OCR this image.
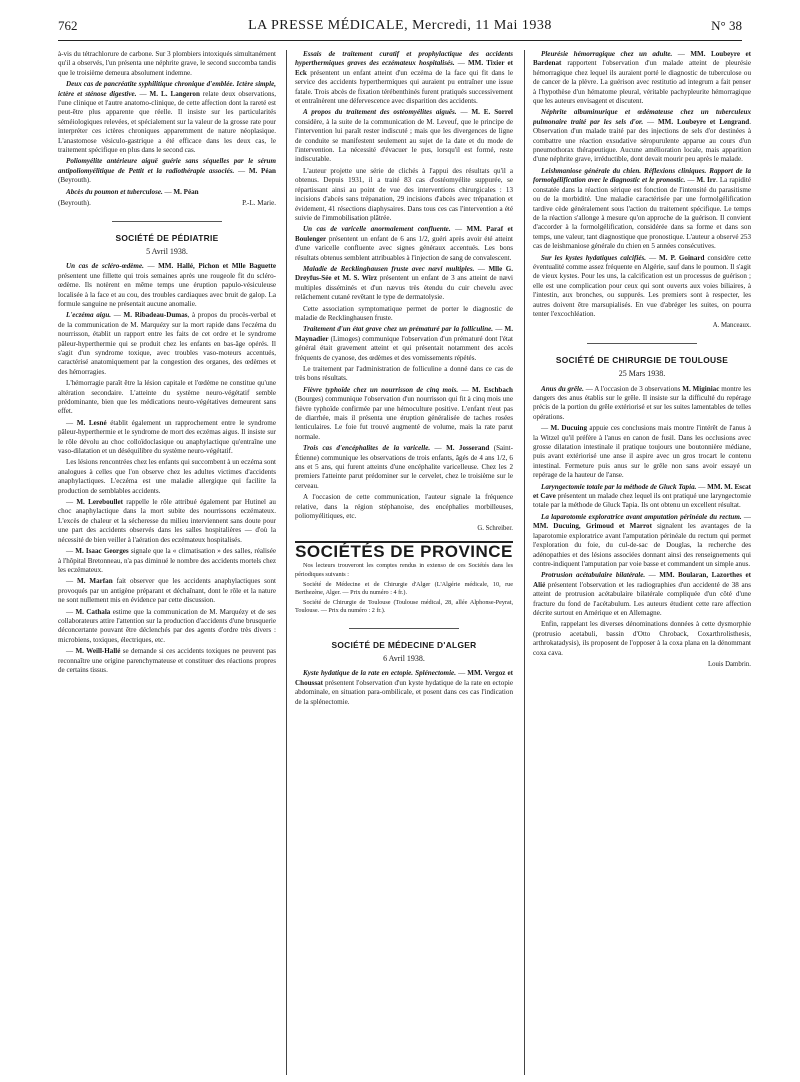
762	LA PRESSE MÉDICALE, Mercredi, 11 Mai 1938	N° 38

à-vis du tétrachlorure de carbone. Sur 3 plombiers intoxiqués simultanément qu'il a observés, l'un présenta une néphrite grave, le second succomba tandis que le troisième demeura absolument indemne.

Deux cas de pancréatite syphilitique chronique d'emblée. Ictère simple, ictère et sténose digestive. — M. L. Langeron relate deux observations, l'une clinique et l'autre anatomo-clinique, de cette affection dont la rareté est peut-être plus apparente que réelle. Il insiste sur les particularités séméiologiques relevées, et spécialement sur la valeur de la grosse rate pour interpréter ces ictères chroniques apparemment de nature néoplasique. L'anastomose vésiculo-gastrique a été efficace dans les deux cas, le traitement spécifique en plus dans le second cas.

Poliomyélite antérieure aiguë guérie sans séquelles par le sérum antipoliomyélitique de Pettit et la radiothérapie associés. — M. Péan (Beyrouth).

Abcès du poumon et tuberculose. — M. Péan

(Beyrouth).	P.-L. Marie.

SOCIÉTÉ DE PÉDIATRIE
5 Avril 1938.

Un cas de scléro-œdème. — MM. Hallé, Pichon et Mlle Baguette présentent une fillette qui trois semaines après une rougeole fit du scléro-œdème. Ils notèrent en même temps une éruption papulo-vésiculeuse localisée à la face et au cou, des troubles cardiaques avec bruit de galop. La formule sanguine ne présentait aucune anomalie.

L'eczéma aigu. — M. Ribadeau-Dumas, à propos du procès-verbal et de la communication de M. Marquézy sur la mort rapide dans l'eczéma du nourrisson, établit un rapport entre les faits de cet ordre et le syndrome pâleur-hyperthermie qui se produit chez les enfants en bas-âge opérés. Il s'agit d'un syndrome toxique, avec troubles vaso-moteurs accentués, caractérisé anatomiquement par la congestion des organes, des œdèmes et des hémorragies.

L'hémorragie paraît être la lésion capitale et l'œdème ne constitue qu'une altération secondaire. L'atteinte du système neuro-végétatif semble prédominante, bien que les médications neuro-végétatives demeurent sans effet.

— M. Lesné établit également un rapprochement entre le syndrome pâleur-hyperthermie et le syndrome de mort des eczémas aigus. Il insiste sur le rôle dévolu au choc colloïdoclasique ou anaphylactique qu'entraîne une vaso-dilatation et un déséquilibre du système neuro-végétatif.

Les lésions rencontrées chez les enfants qui succombent à un eczéma sont analogues à celles que l'on observe chez les adultes victimes d'accidents anaphylactiques. L'eczéma est une maladie allergique qui facilite la production de semblables accidents.

— M. Lereboullet rappelle le rôle attribué également par Hutinel au choc anaphylactique dans la mort subite des nourrissons eczémateux. L'excès de chaleur et la sécheresse du milieu interviennent sans doute pour une part des accidents observés dans les salles hospitalières — d'où la nécessité de bien veiller à l'aération des eczémateux hospitalisés.

— M. Isaac Georges signale que la « climatisation » des salles, réalisée à l'hôpital Bretonneau, n'a pas diminué le nombre des accidents mortels chez les eczémateux.

— M. Marfan fait observer que les accidents anaphylactiques sont provoqués par un antigène préparant et déchaînant, dont le rôle et la nature ne sont nullement mis en évidence par cette discussion.

— M. Cathala estime que la communication de M. Marquézy et de ses collaborateurs attire l'attention sur la production d'accidents d'une brusquerie déconcertante pouvant être déclenchés par des agents d'ordre très divers : microbiens, toxiques, électriques, etc.

— M. Weill-Hallé se demande si ces accidents toxiques ne peuvent pas reconnaître une origine parenchymateuse et constituer des réactions propres de certains tissus.

Essais de traitement curatif et prophylactique des accidents hyperthermiques graves des eczémateux hospitalisés. — MM. Tixier et Eck présentent un enfant atteint d'un eczéma de la face qui fit dans le service des accidents hyperthermiques qui auraient pu entraîner une issue fatale. Trois abcès de fixation térébenthinés furent pratiqués successivement et entraînèrent une défervescence avec disparition des accidents.

A propos du traitement des ostéomyélites aiguës. — M. E. Sorrel considère, à la suite de la communication de M. Leveuf, que le principe de l'intervention lui paraît rester indiscuté ; mais que les divergences de ligne de conduite se manifestent seulement au sujet de la date et du mode de l'intervention. La nécessité d'évacuer le pus, lorsqu'il est formé, reste indiscutable.

L'auteur projette une série de clichés à l'appui des résultats qu'il a obtenus. Depuis 1931, il a traité 83 cas d'ostéomyélite suppurée, se répartissant ainsi au point de vue des interventions chirurgicales : 13 incisions d'abcès sans trépanation, 29 incisions d'abcès avec trépanation et évidement, 41 résections diaphysaires. Dans tous ces cas l'intervention a été suivie de l'immobilisation plâtrée.

Un cas de varicelle anormalement confluente. — MM. Paraf et Boulenger présentent un enfant de 6 ans 1/2, guéri après avoir été atteint d'une varicelle confluente avec signes généraux accentués. Les bons résultats obtenus semblent attribuables à l'injection de sang de convalescent.

Maladie de Recklinghausen fruste avec nævi multiples. — Mlle G. Dreyfus-Sée et M. S. Wirz présentent un enfant de 3 ans atteint de nævi multiples disséminés et d'un nævus très étendu du cuir chevelu avec relâchement cutané revêtant le type de dermatolysie.

Cette association symptomatique permet de porter le diagnostic de maladie de Recklinghausen fruste.

Traitement d'un état grave chez un prématuré par la folliculine. — M. Maynadier (Limoges) communique l'observation d'un prématuré dont l'état général était gravement atteint et qui présentait notamment des accès fréquents de cyanose, des œdèmes et des vomissements répétés.

Le traitement par l'administration de folliculine a donné dans ce cas de très bons résultats.

Fièvre typhoïde chez un nourrisson de cinq mois. — M. Eschbach (Bourges) communique l'observation d'un nourrisson qui fit à cinq mois une fièvre typhoïde confirmée par une hémoculture positive. L'enfant n'eut pas de diarrhée, mais il présenta une éruption généralisée de taches rosées lenticulaires. Le foie fut trouvé augmenté de volume, mais la rate parut normale.

Trois cas d'encéphalites de la varicelle. — M. Josserand (Saint-Étienne) communique les observations de trois enfants, âgés de 4 ans 1/2, 6 ans et 5 ans, qui furent atteints d'une encéphalite varicelleuse. Chez les 2 premiers l'atteinte parut prédominer sur le cervelet, chez le troisième sur le cerveau.

A l'occasion de cette communication, l'auteur signale la fréquence relative, dans la région stéphanoise, des encéphalies morbilleuses, poliomyélitiques, etc.

G. Schreiber.

SOCIÉTÉS DE PROVINCE

Nos lecteurs trouveront les comptes rendus in extenso de ces Sociétés dans les périodiques suivants :

Société de Médecine et de Chirurgie d'Alger (L'Algérie médicale, 10, rue Berthezène, Alger. — Prix du numéro : 4 fr.).

Société de Chirurgie de Toulouse (Toulouse médical, 28, allée Alphonse-Peyrat, Toulouse. — Prix du numéro : 2 fr.).

SOCIÉTÉ DE MÉDECINE D'ALGER
6 Avril 1938.

Kyste hydatique de la rate en ectopie. Splénectomie. — MM. Vergoz et Choussat présentent l'observation d'un kyste hydatique de la rate en ectopie abdominale, en situation para-ombilicale, et posent dans ces cas l'indication de la splénectomie.

Pleurésie hémorragique chez un adulte. — MM. Loubeyre et Bardenat rapportent l'observation d'un malade atteint de pleurésie hémorragique chez lequel ils auraient porté le diagnostic de tuberculose ou de cancer de la plèvre. La guérison avec restitutio ad integrum a fait penser à l'hypothèse d'un hématome pleural, véritable pachypleurite hémorragique que les auteurs envisagent et discutent.

Néphrite albuminurique et œdémateuse chez un tuberculeux pulmonaire traité par les sels d'or. — MM. Loubeyre et Lengrand. Observation d'un malade traité par des injections de sels d'or destinées à combattre une réaction exsudative séropurulente apparue au cours d'un pneumothorax thérapeutique. Aucune amélioration locale, mais apparition d'une néphrite grave, irréductible, dont devait mourir peu après le malade.

Leishmaniose générale du chien. Réflexions cliniques. Rapport de la formolgélification avec le diagnostic et le pronostic. — M. Irr. La rapidité constatée dans la réaction sérique est fonction de l'intensité du parasitisme ou de la morbidité. Une maladie caractérisée par une formolgélification tardive cède généralement sous l'action du traitement spécifique. Le temps de la réaction s'allonge à mesure qu'on approche de la guérison. Il convient d'accorder à la formolgélification, considérée dans sa forme et dans son temps, une valeur, tant diagnostique que pronostique. L'auteur a observé 253 cas de leishmaniose générale du chien en 5 années consécutives.

Sur les kystes hydatiques calcifiés. — M. P. Goinard considère cette éventualité comme assez fréquente en Algérie, sauf dans le poumon. Il s'agit de vieux kystes. Pour les uns, la calcification est un processus de guérison ; elle est une complication pour ceux qui sont ouverts aux voies biliaires, à l'intestin, aux bronches, ou suppurés. Les premiers sont à respecter, les autres doivent être marsupialisés. En vue d'abréger les suites, on pourra tenter l'excochléation.

A. Manceaux.

SOCIÉTÉ DE CHIRURGIE DE TOULOUSE
25 Mars 1938.

Anus du grêle. — A l'occasion de 3 observations M. Miginiac montre les dangers des anus établis sur le grêle. Il insiste sur la difficulté du repérage précis de la portion du grêle extériorisé et sur les suites lamentables de telles opérations.

— M. Ducuing appuie ces conclusions mais montre l'intérêt de l'anus à la Witzel qu'il préfère à l'anus en canon de fusil. Dans les occlusions avec grosse dilatation intestinale il pratique toujours une boutonnière médiane, puis avant extériorisé une anse il aspire avec un gros trocart le contenu intestinal. Fermeture puis anus sur le grêle non sans avoir essayé un repérage de la hauteur de l'anse.

Laryngectomie totale par la méthode de Gluck Tapia. — MM. M. Escat et Cave présentent un malade chez lequel ils ont pratiqué une laryngectomie totale par la méthode de Gluck Tapia. Ils ont obtenu un excellent résultat.

La laparotomie exploratrice avant amputation périnéale du rectum. — MM. Ducuing, Grimoud et Marrot signalent les avantages de la laparotomie exploratrice avant l'amputation périnéale du rectum qui permet l'exploration du foie, du cul-de-sac de Douglas, la recherche des adénopathies et des lésions associées donnant ainsi des renseignements qui contre-indiquent l'amputation par voie basse et commandent un simple anus.

Protrusion acétabulaire bilatérale. — MM. Boularan, Lazorthes et Alié présentent l'observation et les radiographies d'un accidenté de 38 ans atteint de protrusion acétabulaire bilatérale compliquée d'un côté d'une fracture du fond de l'acétabulum. Les auteurs étudient cette rare affection décrite surtout en Amérique et en Allemagne.

Enfin, rappelant les diverses dénominations données à cette dysmorphie (protrusio acetabuli, bassin d'Otto Chroback, Coxarthrolisthesis, arthrokatadysis), ils proposent de l'opposer à la coxa plana en la dénommant coxa cava.

Louis Dambrin.
